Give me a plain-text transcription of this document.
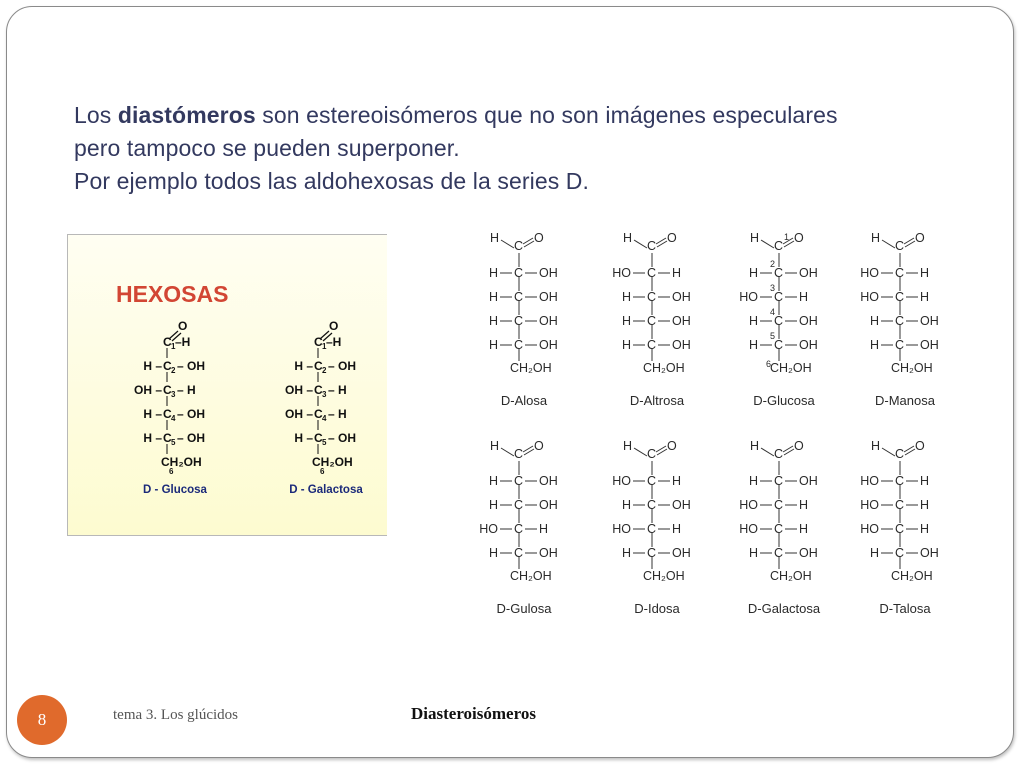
Los diastómeros son estereoisómeros que no son imágenes especulares pero tampoco se pueden superponer.
Por ejemplo todos las aldohexosas de la series D.
HEXOSAS
O
C 1 –H
H – C 2 – OH
OH – C 3 – H
H – C 4 – OH
H – C 5 – OH
CH₂OH
6
D - Glucosa
O
C 1 –H
H – C 2 – OH
OH – C 3 – H
OH – C 4 – H
H – C 5 – OH
CH₂OH
6
D - Galactosa
H
C
O
H C OH
H C OH
H C OH
H C OH
CH₂OH
D-Alosa
H
C
O
HO C H
H C OH
H C OH
H C OH
CH₂OH
D-Altrosa
H
C
O
H C OH
HO C H
H C OH
H C OH
CH₂OH
1
2
3
4
5
6
D-Glucosa
H
C
O
HO C H
HO C H
H C OH
H C OH
CH₂OH
D-Manosa
H
C
O
H C OH
H C OH
HO C H
H C OH
CH₂OH
D-Gulosa
H
C
O
HO C H
H C OH
HO C H
H C OH
CH₂OH
D-Idosa
H
C
O
H C OH
HO C H
HO C H
H C OH
CH₂OH
D-Galactosa
H
C
O
HO C H
HO C H
HO C H
H C OH
CH₂OH
D-Talosa
8	tema 3. Los glúcidos	Diasteroisómeros
